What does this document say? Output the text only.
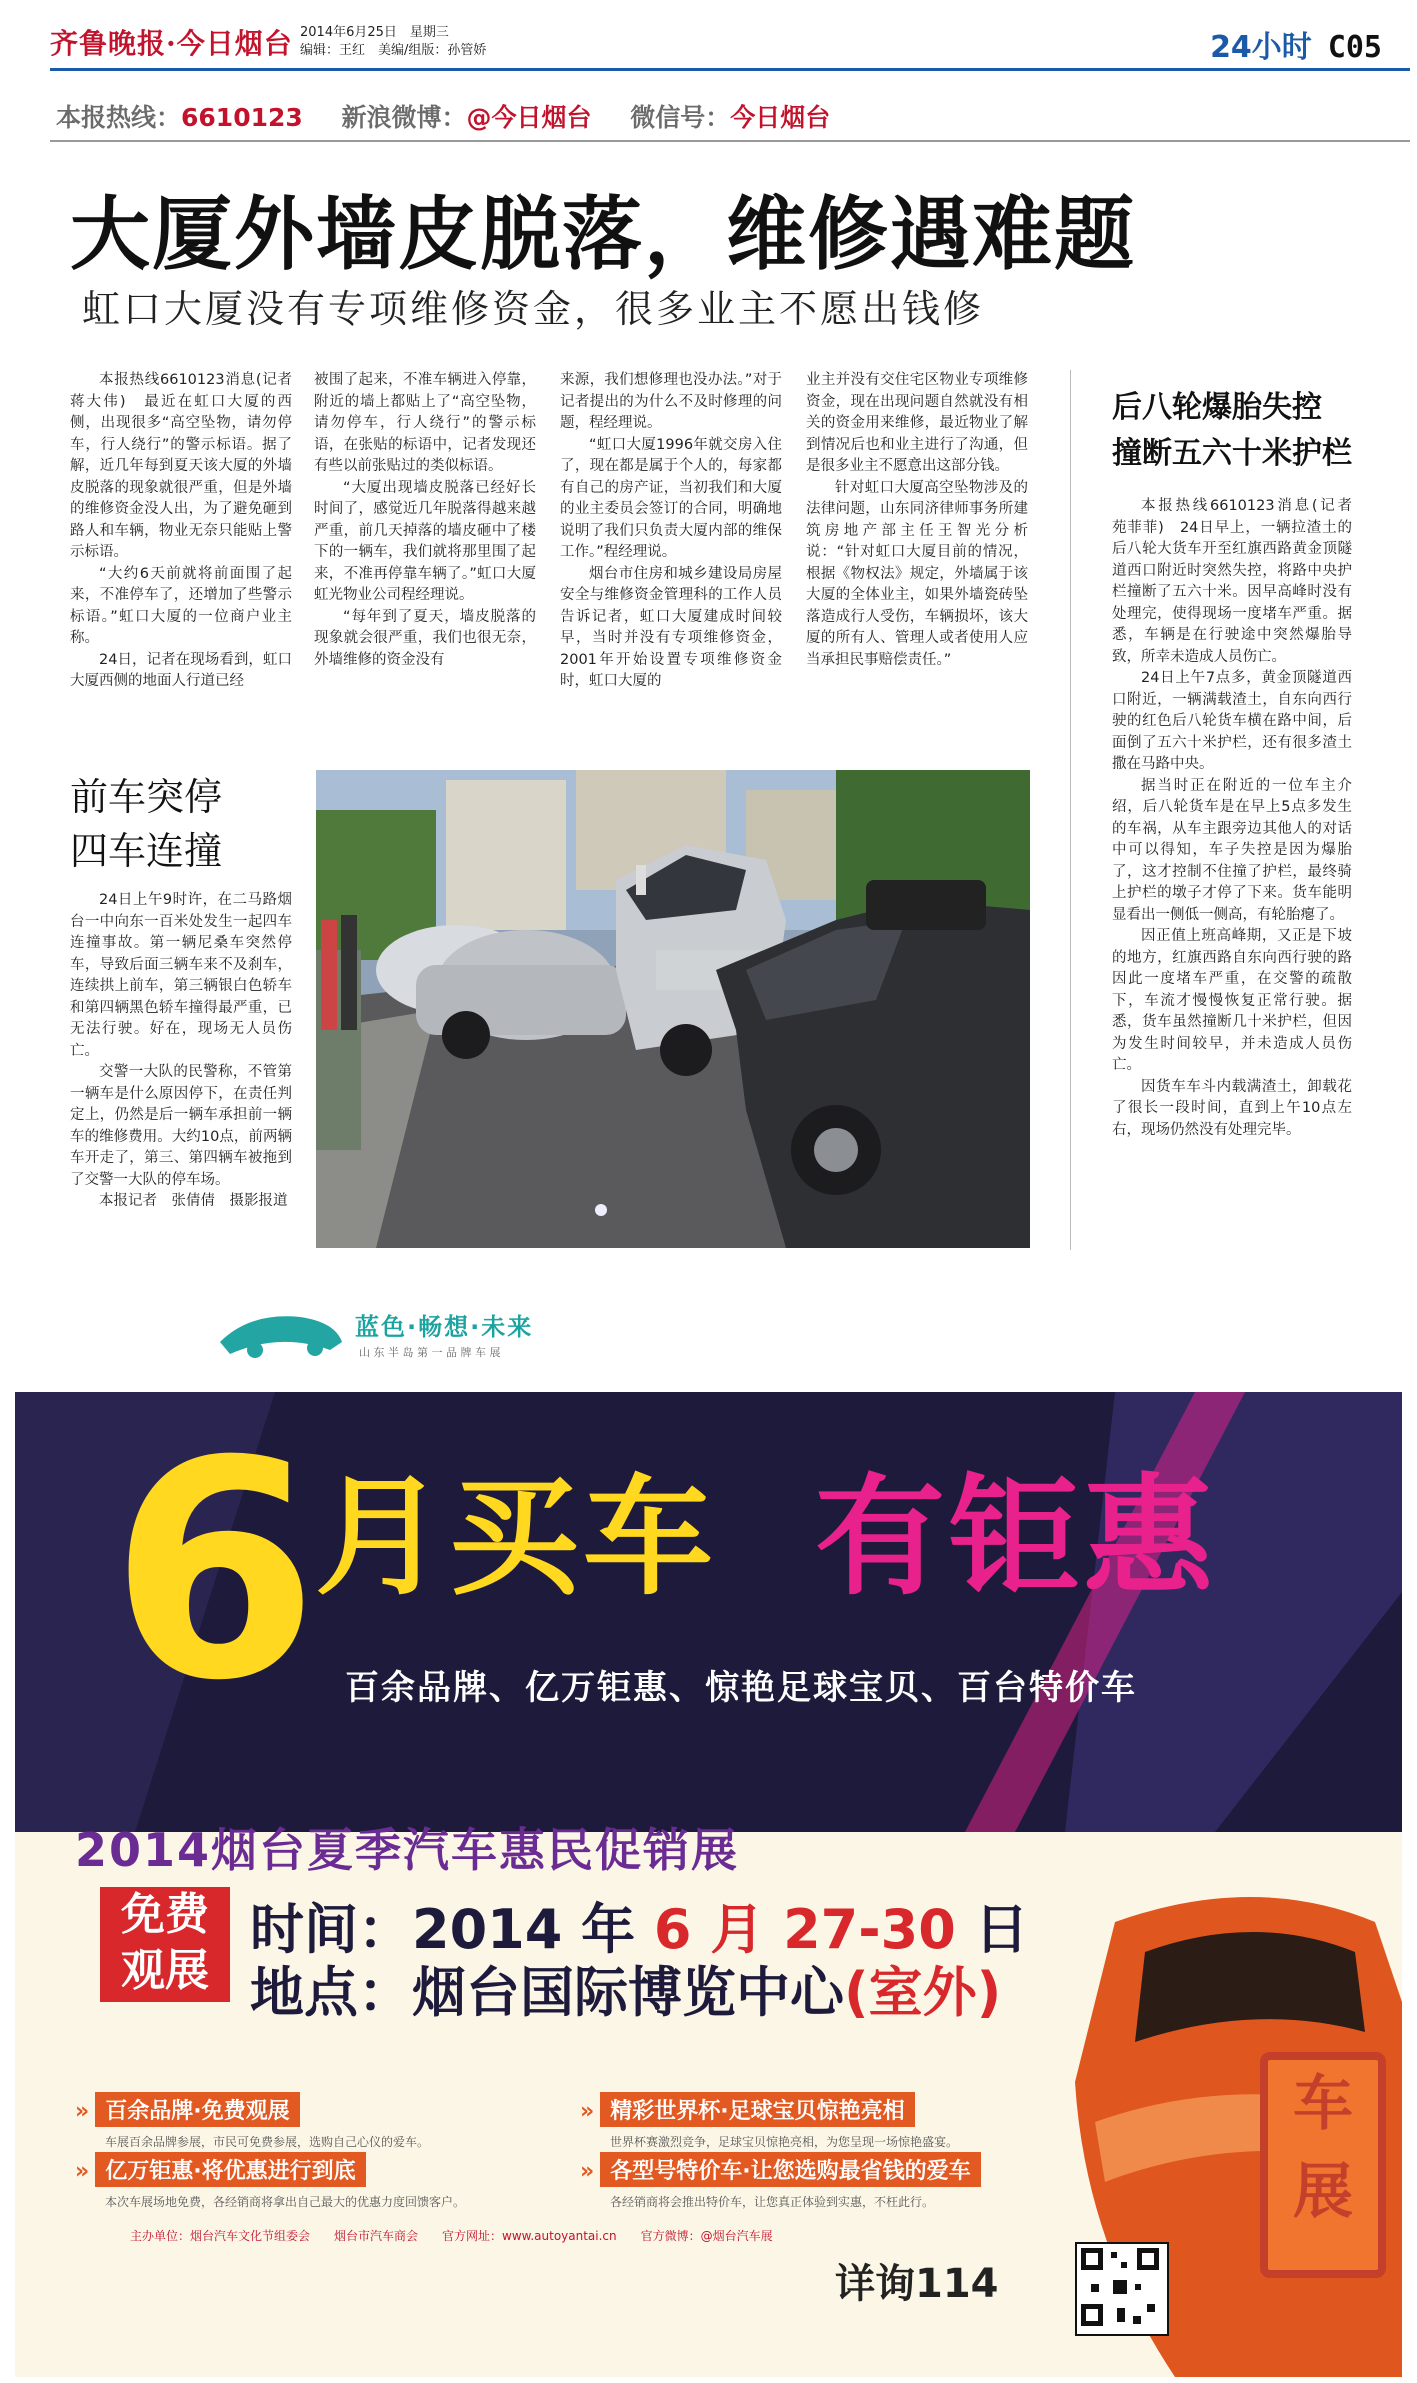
齐鲁晚报·今日烟台 2014年6月25日　星期三
编辑：王红　美编/组版：孙管娇	24小时 C05
本报热线：6610123 新浪微博：@今日烟台 微信号：今日烟台
大厦外墙皮脱落，维修遇难题
虹口大厦没有专项维修资金，很多业主不愿出钱修

本报热线6610123消息(记者　蒋大伟)　最近在虹口大厦的西侧，出现很多“高空坠物，请勿停车，行人绕行”的警示标语。据了解，近几年每到夏天该大厦的外墙皮脱落的现象就很严重，但是外墙的维修资金没人出，为了避免砸到路人和车辆，物业无奈只能贴上警示标语。

“大约6天前就将前面围了起来，不准停车了，还增加了些警示标语。”虹口大厦的一位商户业主称。

24日，记者在现场看到，虹口大厦西侧的地面人行道已经

被围了起来，不准车辆进入停靠，附近的墙上都贴上了“高空坠物，请勿停车，行人绕行”的警示标语，在张贴的标语中，记者发现还有些以前张贴过的类似标语。

“大厦出现墙皮脱落已经好长时间了，感觉近几年脱落得越来越严重，前几天掉落的墙皮砸中了楼下的一辆车，我们就将那里围了起来，不准再停靠车辆了。”虹口大厦虹光物业公司程经理说。

“每年到了夏天，墙皮脱落的现象就会很严重，我们也很无奈，外墙维修的资金没有

来源，我们想修理也没办法。”对于记者提出的为什么不及时修理的问题，程经理说。

“虹口大厦1996年就交房入住了，现在都是属于个人的，每家都有自己的房产证，当初我们和大厦的业主委员会签订的合同，明确地说明了我们只负责大厦内部的维保工作。”程经理说。

烟台市住房和城乡建设局房屋安全与维修资金管理科的工作人员告诉记者，虹口大厦建成时间较早，当时并没有专项维修资金，2001年开始设置专项维修资金时，虹口大厦的

业主并没有交住宅区物业专项维修资金，现在出现问题自然就没有相关的资金用来维修，最近物业了解到情况后也和业主进行了沟通，但是很多业主不愿意出这部分钱。

针对虹口大厦高空坠物涉及的法律问题，山东同济律师事务所建筑房地产部主任王智光分析说：“针对虹口大厦目前的情况，根据《物权法》规定，外墙属于该大厦的全体业主，如果外墙瓷砖坠落造成行人受伤，车辆损坏，该大厦的所有人、管理人或者使用人应当承担民事赔偿责任。”

后八轮爆胎失控
撞断五六十米护栏

本报热线6610123消息(记者　苑菲菲)　24日早上，一辆拉渣土的后八轮大货车开至红旗西路黄金顶隧道西口附近时突然失控，将路中央护栏撞断了五六十米。因早高峰时没有处理完，使得现场一度堵车严重。据悉，车辆是在行驶途中突然爆胎导致，所幸未造成人员伤亡。

24日上午7点多，黄金顶隧道西口附近，一辆满载渣土，自东向西行驶的红色后八轮货车横在路中间，后面倒了五六十米护栏，还有很多渣土撒在马路中央。

据当时正在附近的一位车主介绍，后八轮货车是在早上5点多发生的车祸，从车主跟旁边其他人的对话中可以得知，车子失控是因为爆胎了，这才控制不住撞了护栏，最终骑上护栏的墩子才停了下来。货车能明显看出一侧低一侧高，有轮胎瘪了。

因正值上班高峰期，又正是下坡的地方，红旗西路自东向西行驶的路因此一度堵车严重，在交警的疏散下，车流才慢慢恢复正常行驶。据悉，货车虽然撞断几十米护栏，但因为发生时间较早，并未造成人员伤亡。

因货车车斗内载满渣土，卸载花了很长一段时间，直到上午10点左右，现场仍然没有处理完毕。

前车突停
四车连撞

24日上午9时许，在二马路烟台一中向东一百米处发生一起四车连撞事故。第一辆尼桑车突然停车，导致后面三辆车来不及刹车，连续拱上前车，第三辆银白色轿车和第四辆黑色轿车撞得最严重，已无法行驶。好在，现场无人员伤亡。

交警一大队的民警称，不管第一辆车是什么原因停下，在责任判定上，仍然是后一辆车承担前一辆车的维修费用。大约10点，前两辆车开走了，第三、第四辆车被拖到了交警一大队的停车场。

本报记者　张倩倩　摄影报道

蓝色·畅想·未来
山 东 半 岛 第 一 品 牌 车 展
6
月买车 有钜惠
百余品牌、亿万钜惠、惊艳足球宝贝、百台特价车
车展
2014烟台夏季汽车惠民促销展
免费观展
时间：2014 年 6 月 27-30 日
地点：烟台国际博览中心(室外)
» 百余品牌·免费观展
车展百余品牌参展，市民可免费参展，选购自己心仪的爱车。
» 亿万钜惠·将优惠进行到底
本次车展场地免费，各经销商将拿出自己最大的优惠力度回馈客户。
» 精彩世界杯·足球宝贝惊艳亮相
世界杯赛激烈竞争，足球宝贝惊艳亮相，为您呈现一场惊艳盛宴。
» 各型号特价车·让您选购最省钱的爱车
各经销商将会推出特价车，让您真正体验到实惠，不枉此行。
主办单位：烟台汽车文化节组委会　　烟台市汽车商会　　官方网址：www.autoyantai.cn　　官方微博：@烟台汽车展
详询114
